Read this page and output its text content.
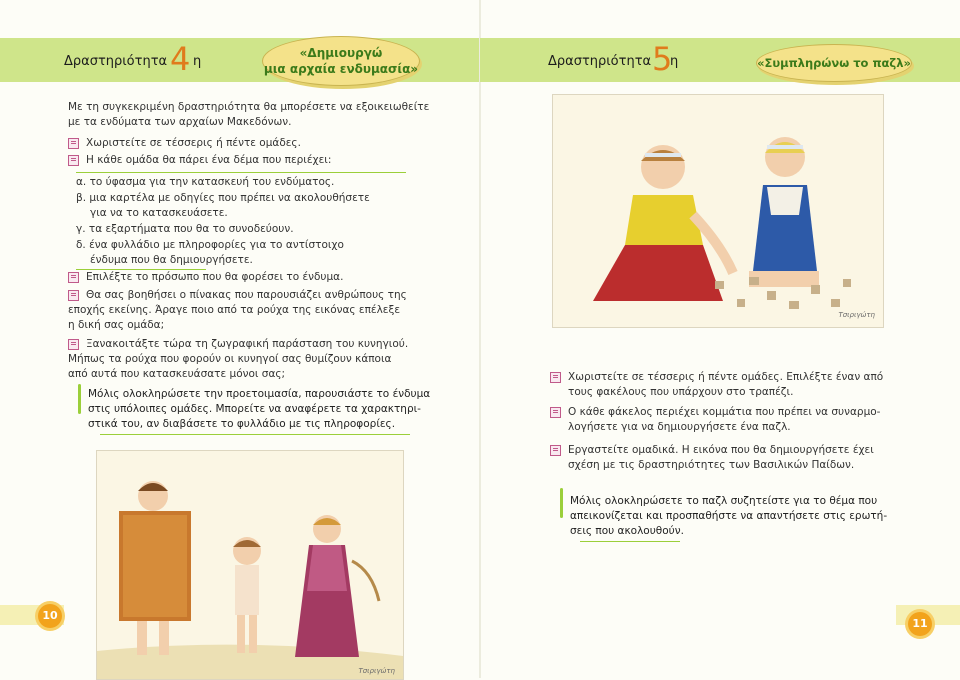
Δραστηριότητα 4 η
«Δημιουργώ
μια αρχαία ενδυμασία»
Με τη συγκεκριμένη δραστηριότητα θα μπορέσετε να εξοικειωθείτε
με τα ενδύματα των αρχαίων Μακεδόνων.
Χωριστείτε σε τέσσερις ή πέντε ομάδες.
Η κάθε ομάδα θα πάρει ένα δέμα που περιέχει:
α. το ύφασμα για την κατασκευή του ενδύματος.
β. μια καρτέλα με οδηγίες που πρέπει να ακολουθήσετε
για να το κατασκευάσετε.
γ. τα εξαρτήματα που θα το συνοδεύουν.
δ. ένα φυλλάδιο με πληροφορίες για το αντίστοιχο
ένδυμα που θα δημιουργήσετε.
Επιλέξτε το πρόσωπο που θα φορέσει το ένδυμα.
Θα σας βοηθήσει ο πίνακας που παρουσιάζει ανθρώπους της
εποχής εκείνης. Άραγε ποιο από τα ρούχα της εικόνας επέλεξε
η δική σας ομάδα;
Ξανακοιτάξτε τώρα τη ζωγραφική παράσταση του κυνηγιού.
Μήπως τα ρούχα που φορούν οι κυνηγοί σας θυμίζουν κάποια
από αυτά που κατασκευάσατε μόνοι σας;
Μόλις ολοκληρώσετε την προετοιμασία, παρουσιάστε το ένδυμα
στις υπόλοιπες ομάδες. Μπορείτε να αναφέρετε τα χαρακτηρι-
στικά του, αν διαβάσετε το φυλλάδιο με τις πληροφορίες.
Τσιριγώτη
10
Δραστηριότητα 5
η	«Συμπληρώνω το παζλ»
Τσιριγώτη
Χωριστείτε σε τέσσερις ή πέντε ομάδες. Επιλέξτε έναν από
τους φακέλους που υπάρχουν στο τραπέζι.
Ο κάθε φάκελος περιέχει κομμάτια που πρέπει να συναρμο-
λογήσετε για να δημιουργήσετε ένα παζλ.
Εργαστείτε ομαδικά. Η εικόνα που θα δημιουργήσετε έχει
σχέση με τις δραστηριότητες των Βασιλικών Παίδων.
Μόλις ολοκληρώσετε το παζλ συζητείστε για το θέμα που
απεικονίζεται και προσπαθήστε να απαντήσετε στις ερωτή-
σεις που ακολουθούν.
11
